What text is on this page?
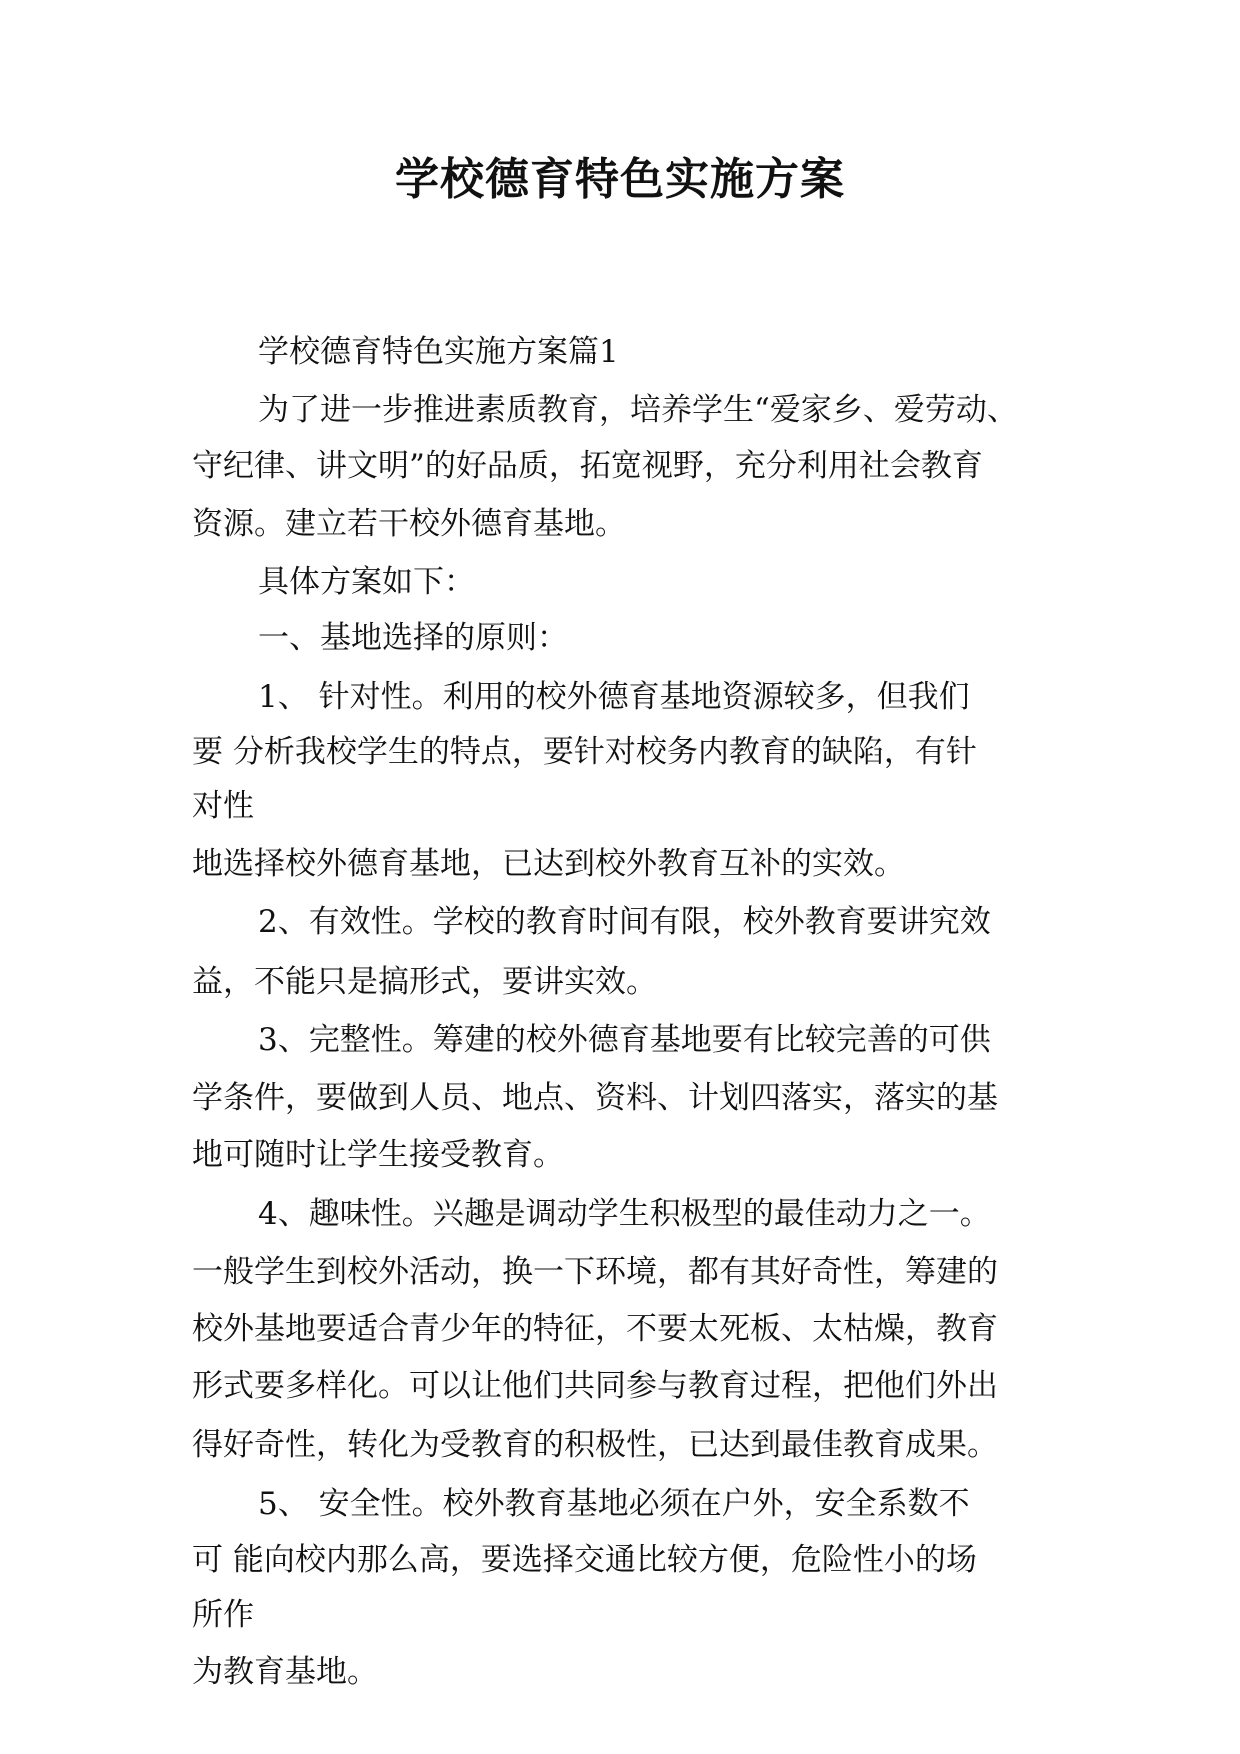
学校德育特色实施方案
学校德育特色实施方案篇1
为了进一步推进素质教育，培养学生“爱家乡、爱劳动、
守纪律、讲文明”的好品质，拓宽视野，充分利用社会教育
资源。建立若干校外德育基地。
具体方案如下：
一、基地选择的原则：
1、 针对性。利用的校外德育基地资源较多，但我们
要 分析我校学生的特点，要针对校务内教育的缺陷，有针
对性
地选择校外德育基地，已达到校外教育互补的实效。
2、有效性。学校的教育时间有限，校外教育要讲究效
益，不能只是搞形式，要讲实效。
3、完整性。筹建的校外德育基地要有比较完善的可供
学条件，要做到人员、地点、资料、计划四落实，落实的基
地可随时让学生接受教育。
4、趣味性。兴趣是调动学生积极型的最佳动力之一。
一般学生到校外活动，换一下环境，都有其好奇性，筹建的
校外基地要适合青少年的特征，不要太死板、太枯燥，教育
形式要多样化。可以让他们共同参与教育过程，把他们外出
得好奇性，转化为受教育的积极性，已达到最佳教育成果。
5、 安全性。校外教育基地必须在户外，安全系数不
可 能向校内那么高，要选择交通比较方便，危险性小的场
所作
为教育基地。
